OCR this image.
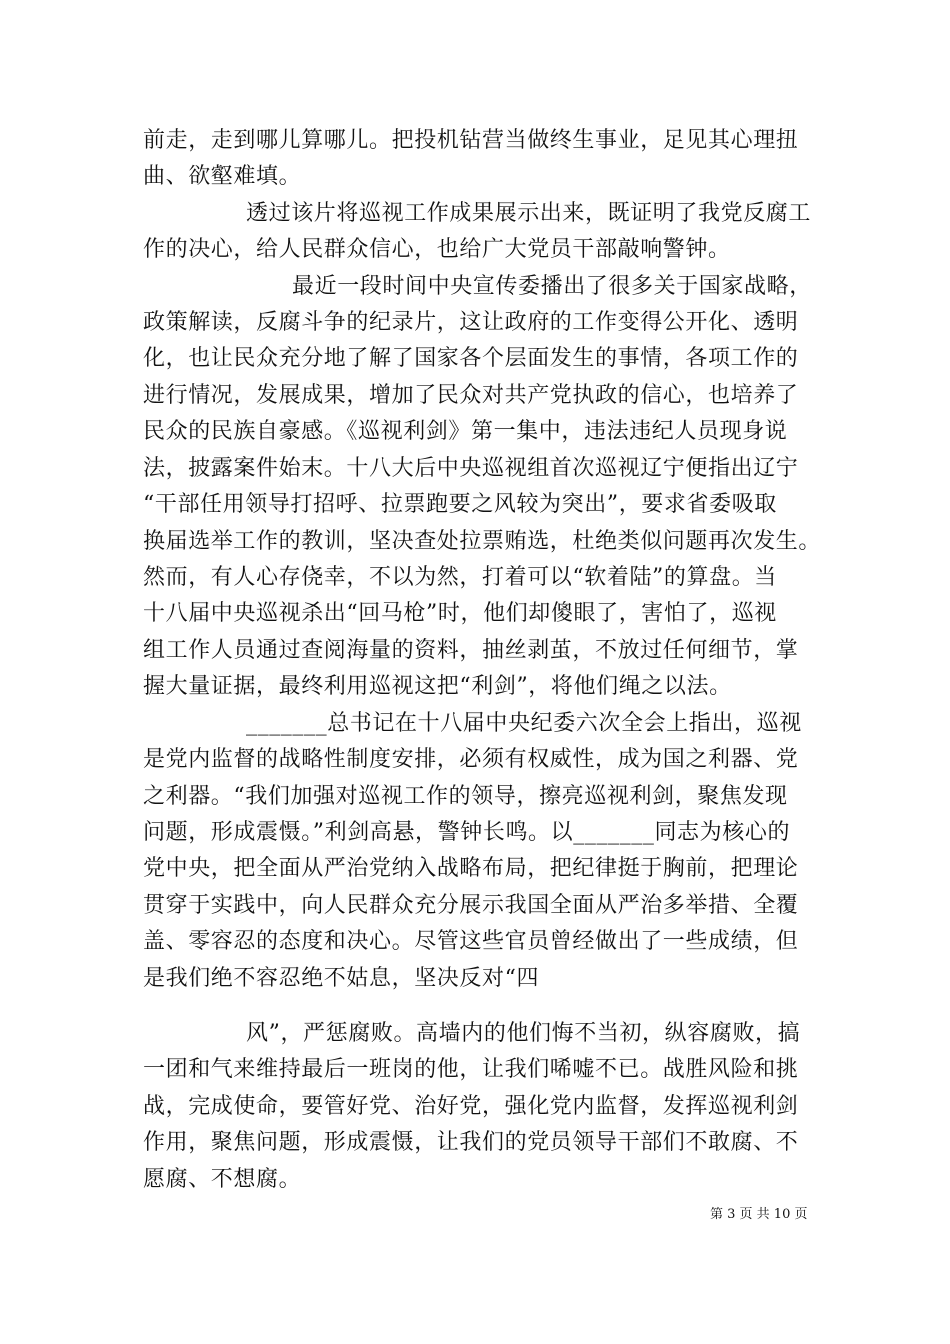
前走，走到哪儿算哪儿。把投机钻营当做终生事业，足见其心理扭
曲、欲壑难填。
透过该片将巡视工作成果展示出来，既证明了我党反腐工
作的决心，给人民群众信心，也给广大党员干部敲响警钟。
最近一段时间中央宣传委播出了很多关于国家战略，
政策解读，反腐斗争的纪录片，这让政府的工作变得公开化、透明
化，也让民众充分地了解了国家各个层面发生的事情，各项工作的
进行情况，发展成果，增加了民众对共产党执政的信心，也培养了
民众的民族自豪感。《巡视利剑》第一集中，违法违纪人员现身说
法，披露案件始末。十八大后中央巡视组首次巡视辽宁便指出辽宁
“干部任用领导打招呼、拉票跑要之风较为突出”，要求省委吸取
换届选举工作的教训，坚决查处拉票贿选，杜绝类似问题再次发生。
然而，有人心存侥幸，不以为然，打着可以“软着陆”的算盘。当
十八届中央巡视杀出“回马枪”时，他们却傻眼了，害怕了，巡视
组工作人员通过查阅海量的资料，抽丝剥茧，不放过任何细节，掌
握大量证据，最终利用巡视这把“利剑”，将他们绳之以法。
_______总书记在十八届中央纪委六次全会上指出，巡视
是党内监督的战略性制度安排，必须有权威性，成为国之利器、党
之利器。“我们加强对巡视工作的领导，擦亮巡视利剑，聚焦发现
问题，形成震慑。”利剑高悬，警钟长鸣。以_______同志为核心的
党中央，把全面从严治党纳入战略布局，把纪律挺于胸前，把理论
贯穿于实践中，向人民群众充分展示我国全面从严治多举措、全覆
盖、零容忍的态度和决心。尽管这些官员曾经做出了一些成绩，但
是我们绝不容忍绝不姑息，坚决反对“四
风”，严惩腐败。高墙内的他们悔不当初，纵容腐败，搞
一团和气来维持最后一班岗的他，让我们唏嘘不已。战胜风险和挑
战，完成使命，要管好党、治好党，强化党内监督，发挥巡视利剑
作用，聚焦问题，形成震慑，让我们的党员领导干部们不敢腐、不
愿腐、不想腐。
第 3 页 共 10 页
